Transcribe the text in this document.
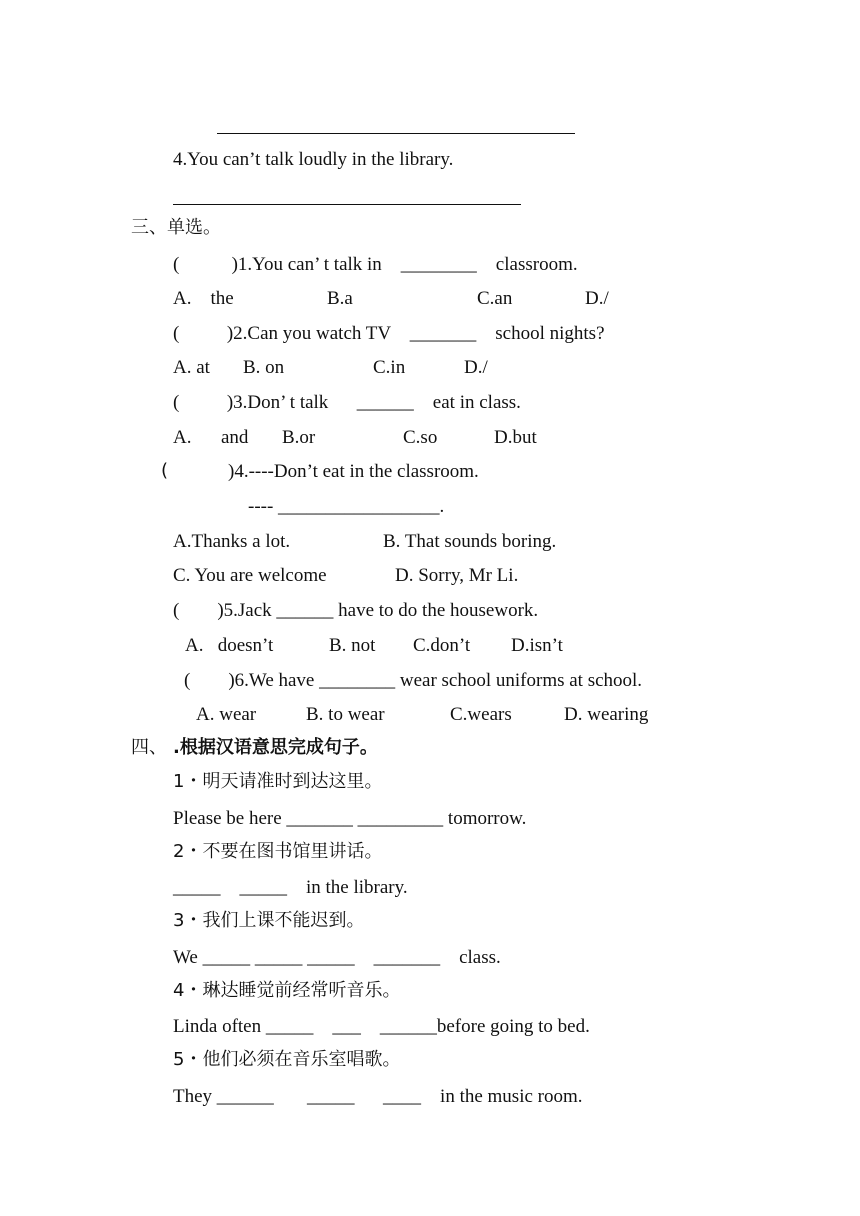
4.You can’t talk loudly in the library.
三、单选。
(           )1.You can’ t talk in    ________    classroom.
A.    the	B.a	C.an	D./
(          )2.Can you watch TV    _______    school nights?
A. at B. on	C.in	D./
(          )3.Don’ t talk      ______    eat in class.
A. and B.or	C.so	D.but
(	)4.----Don’t eat in the classroom.
---- _________________.
A.Thanks a lot.	B. That sounds boring.
C. You are welcome	D. Sorry, Mr Li.
(        )5.Jack ______ have to do the housework.
A.   doesn’t	B. not C.don’t D.isn’t
(        )6.We have ________ wear school uniforms at school.
A. wear	B. to wear	C.wears	D. wearing
四、 .根据汉语意思完成句子。
1・明天请准时到达这里。
Please be here _______ _________ tomorrow.
2・不要在图书馆里讲话。
_____    _____    in the library.
3・我们上课不能迟到。
We _____ _____ _____    _______    class.
4・琳达睡觉前经常听音乐。
Linda often _____    ___    ______before going to bed.
5・他们必须在音乐室唱歌。
They ______       _____      ____    in the music room.
